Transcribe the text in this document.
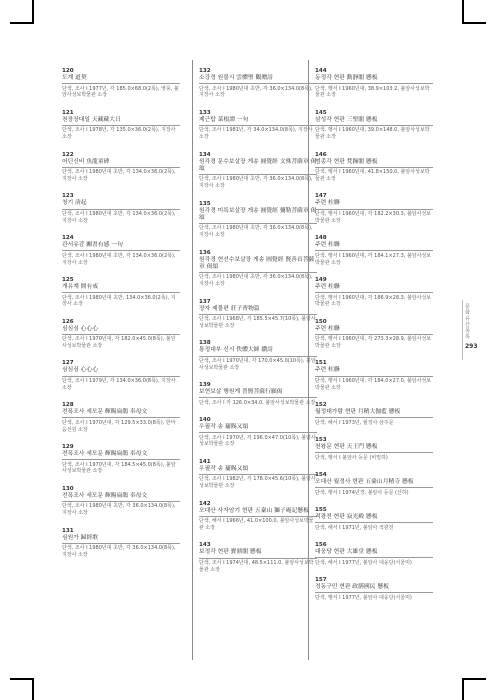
120
도계 道契
단색, 조사 I 1977년, 각 185.0×68.0(2폭), 영풍, 불암사성보박물관 소장
121
천장장대일 天藏藏大日
단색, 조사 I 1978년, 각 135.0×36.0(2폭), 지장사 소장
122
어딘신비 魚龍童碑
단색, 조사 I 1980년대 초반, 각 134.0×36.0(2폭), 지장사 소장
123
청기 淸起
단색, 조사 I 1980년대 초반, 각 134.0×36.0(2폭), 지장사 소장
124
관서유감 關書有感 一句
단색, 조사 I 1980년대 초반, 각 134.0×36.0(2폭), 지장사 소장
125
개유계 開有戒
단색, 조사 I 1980년대 초반, 134.0×36.0(2폭), 지장사 소장
126
심심심 心心心
단색, 조사 I 1970년대, 각 182.0×45.0(8폭), 불암사성보박물관 소장
127
심심심 心心心
단색, 조사 I 1979년, 각 134.0×36.0(8폭), 지장사 소장
128
전폭조사 세모문 輝賜扁鵲 奉母文
단색, 조사 I 1970년대, 각 129.5×33.0(8폭), 한마음선원 소장
129
전폭조사 세모문 輝賜扁鵲 奉母文
단색, 조사 I 1970년대, 각 184.5×45.0(8폭), 불암사성보박물관 소장
130
전폭조사 세모문 輝賜扁鵲 奉母文
단색, 조사 I 1980년대 초반, 각 36.0×134.0(8폭), 지장사 소장
131
심원가 歸經歌
단색, 조사 I 1980년대 초반, 각 36.0×134.0(8폭), 지장사 소장
132
소강정 원불시 雲體聖 觀贈詩
단색, 조사 I 1980년대 초반, 각 36.0×134.0(8폭), 지장사 소장
133
제근탑 菜根譚 一句
단색, 조사 I 1981년, 각 34.0×134.0(8폭), 지장사 소장
134
원각경 문수보살장 게송 圓覺經 文殊菩薩章 偈頌
단색, 조사 I 1980년대 초반, 각 36.0×134.0(8폭), 지장사 소장
135
원각경 미륵보살장 게송 圓覺經 彌勒菩薩章 偈頌
단색, 조사 I 1980년대 초반, 각 36.0×134.0(8폭), 지장사 소장
136
원각경 현선수보살장 게송 圓覺經 賢善首菩薩章 偈頌
단색, 조사 I 1980년대 초반, 각 36.0×134.0(8폭), 지장사 소장
137
장자 제물편 莊子齊物篇
단색, 조사 I 1968년, 각 185.5×45.7(10폭), 불암사성보박물관 소장
138
통정대부 신시 佚體大師 纘詩
단색, 조사 I 1970년대, 각 170.0×45.0(10폭), 불암사성보박물관 소장
139
보현보살 행원게 普賢菩薩行願偈
단색, 조사 I 각 126.0×34.0, 불암사성보박물관 소장
140
우필작 송 屢賜又頌
단색, 조사 I 1970년, 각 196.0×47.0(10폭), 불암사성보박물관 소장
141
우필작 송 屢賜又頌
단색, 조사 I 1982년, 각 178.0×45.6(10폭), 불암사성보박물관 소장
142
오대산 사자암기 현판 五臺山 獅子庵記懸板
단색, 해서 I 1966년, 41.0×100.0, 불암사성보박물관 소장
143
보정각 현판 寶鼎閣 懸板
단색, 조사 I 1974년대, 48.5×111.0, 불암사성보박물관 소장
144
동정각 현판 動靜閣 懸板
단색, 행서 I 1960년대, 38.9×103.2, 불암사성보박물관 소장
145
삼성각 현판 三聖閣 懸板
단색, 행서 I 1960년대, 39.0×148.0, 불암사성보박물관 소장
146
범종각 현판 梵鐘閣 懸板
단색, 행서 I 1960년대, 41.8×150.0, 불암사성보박물관 소장
147
주련 柱聯
단색, 행서 I 1960년대, 각 182.2×30.3, 불암사성보박물관 소장
148
주련 柱聯
단색, 행서 I 1960년대, 각 184.1×27.3, 불암사성보박물관 소장
149
주련 柱聯
단색, 행서 I 1960년대, 각 186.9×28.3, 불암사성보박물관 소장
150
주련 柱聯
단색, 행서 I 1960년대, 각 273.3×28.9, 불암사성보박물관 소장
151
주련 柱聯
단색, 행서 I 1960년대, 각 184.0×27.0, 불암사성보박물관 소장
152
월정대가람 현판 月精大伽藍 懸板
단색, 해서 I 1973년, 월정사 삼주문
153
천왕문 현판 天王門 懸板
단색, 행서 I 불암사 등문 (비밀하)
154
오대산 월정사 현판 五臺山月精寺 懸板
단색, 행서 I 1974년경, 불암사 등문 (산하)
155
적광전 현판 寂光殿 懸板
단색, 해서 I 1971년, 불암사 적광전
156
대웅당 현판 大雄堂 懸板
단색, 해서 I 1977년, 불암사 대웅당(서울미)
157
정동구민 현판 政膳國民 懸板
단색, 행서 I 1977년, 불암사 대웅당(서울미)
문화유산목록
293
